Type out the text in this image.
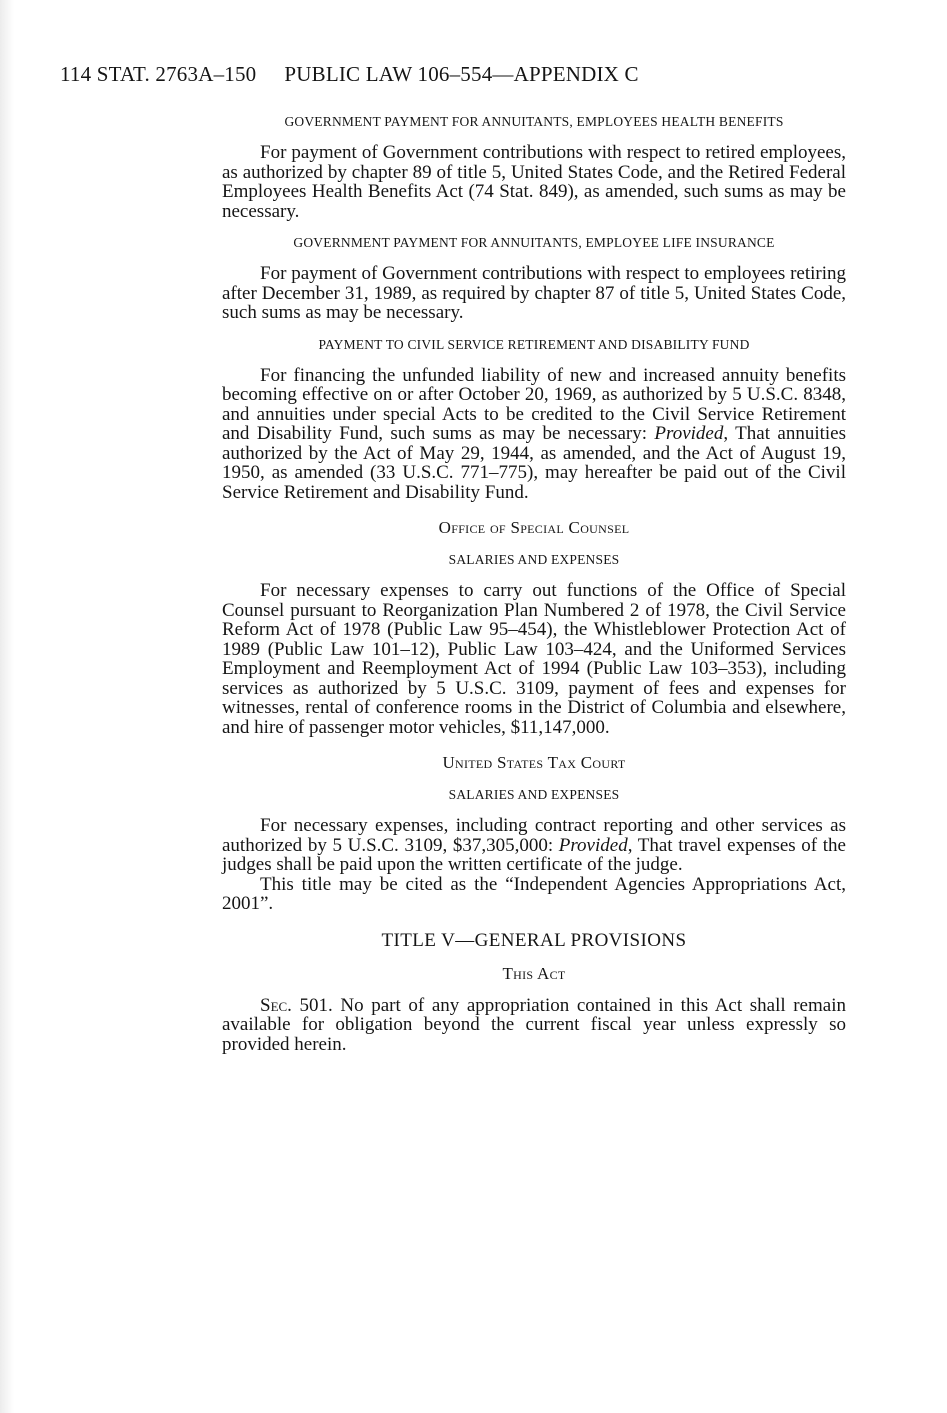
114 STAT. 2763A–150 PUBLIC LAW 106–554—APPENDIX C
GOVERNMENT PAYMENT FOR ANNUITANTS, EMPLOYEES HEALTH BENEFITS

For payment of Government contributions with respect to retired employees, as authorized by chapter 89 of title 5, United States Code, and the Retired Federal Employees Health Benefits Act (74 Stat. 849), as amended, such sums as may be necessary.

GOVERNMENT PAYMENT FOR ANNUITANTS, EMPLOYEE LIFE INSURANCE

For payment of Government contributions with respect to employees retiring after December 31, 1989, as required by chapter 87 of title 5, United States Code, such sums as may be necessary.

PAYMENT TO CIVIL SERVICE RETIREMENT AND DISABILITY FUND

For financing the unfunded liability of new and increased annuity benefits becoming effective on or after October 20, 1969, as authorized by 5 U.S.C. 8348, and annuities under special Acts to be credited to the Civil Service Retirement and Disability Fund, such sums as may be necessary: Provided, That annuities authorized by the Act of May 29, 1944, as amended, and the Act of August 19, 1950, as amended (33 U.S.C. 771–775), may hereafter be paid out of the Civil Service Retirement and Disability Fund.

Office of Special Counsel
SALARIES AND EXPENSES

For necessary expenses to carry out functions of the Office of Special Counsel pursuant to Reorganization Plan Numbered 2 of 1978, the Civil Service Reform Act of 1978 (Public Law 95–454), the Whistleblower Protection Act of 1989 (Public Law 101–12), Public Law 103–424, and the Uniformed Services Employment and Reemployment Act of 1994 (Public Law 103–353), including services as authorized by 5 U.S.C. 3109, payment of fees and expenses for witnesses, rental of conference rooms in the District of Columbia and elsewhere, and hire of passenger motor vehicles, $11,147,000.

United States Tax Court
SALARIES AND EXPENSES

For necessary expenses, including contract reporting and other services as authorized by 5 U.S.C. 3109, $37,305,000: Provided, That travel expenses of the judges shall be paid upon the written certificate of the judge.

This title may be cited as the “Independent Agencies Appropriations Act, 2001”.

TITLE V—GENERAL PROVISIONS
This Act

Sec. 501. No part of any appropriation contained in this Act shall remain available for obligation beyond the current fiscal year unless expressly so provided herein.
